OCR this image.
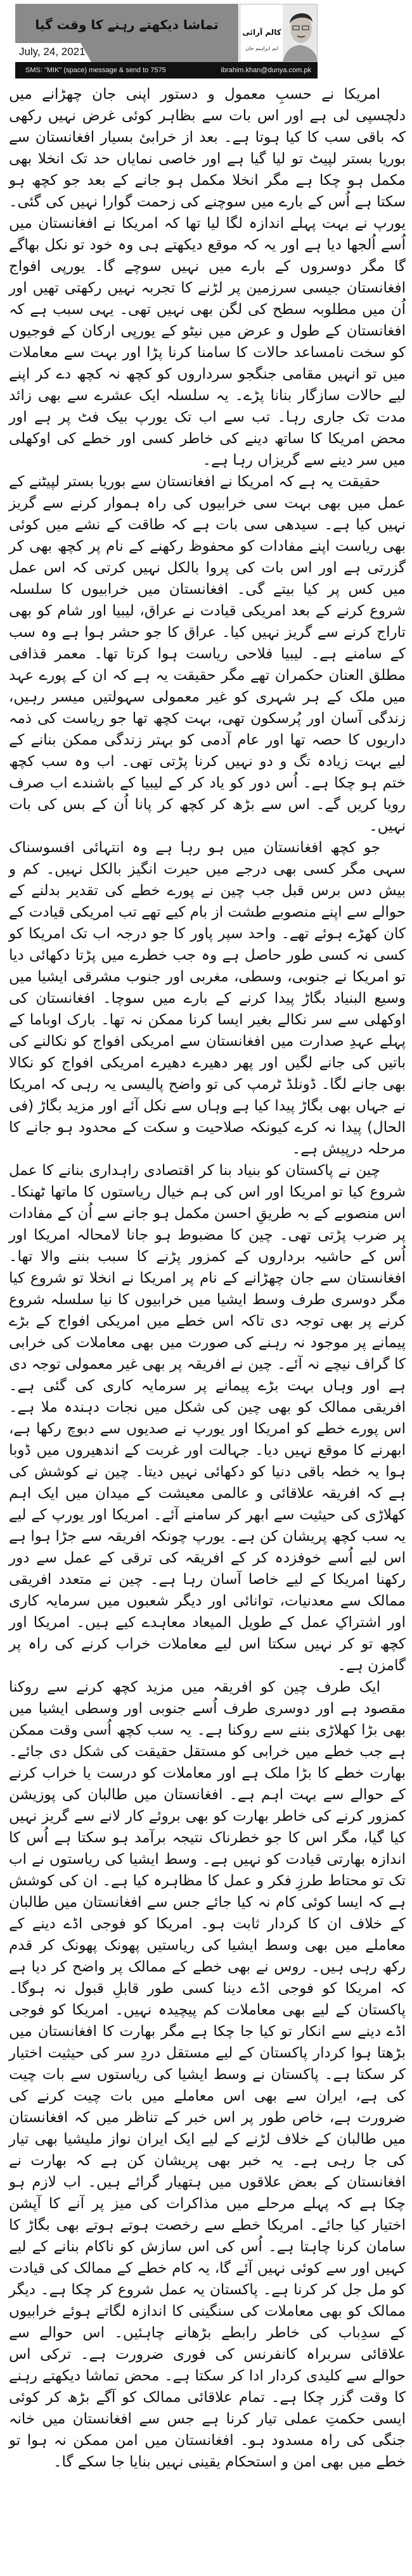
تماشا دیکھتے رہنے کا وقت گیا
July, 24, 2021
کالم آرائی
ایم ابراہیم خان
SMS: "MIK" (space) message & send to 7575	ibrahim.khan@dunya.com.pk

امریکا نے حسبِ معمول و دستور اپنی جان چھڑانے میں دلچسپی لی ہے اور اس بات سے بظاہر کوئی غرض نہیں رکھی کہ باقی سب کا کیا ہوتا ہے۔ بعد از خرابیٔ بسیار افغانستان سے بوریا بستر لپیٹ تو لیا گیا ہے اور خاصی نمایاں حد تک انخلا بھی مکمل ہو چکا ہے مگر انخلا مکمل ہو جانے کے بعد جو کچھ ہو سکتا ہے اُس کے بارے میں سوچنے کی زحمت گوارا نہیں کی گئی۔ یورپ نے بہت پہلے اندازہ لگا لیا تھا کہ امریکا نے افغانستان میں اُسے اُلجھا دیا ہے اور یہ کہ موقع دیکھتے ہی وہ خود تو نکل بھاگے گا مگر دوسروں کے بارے میں نہیں سوچے گا۔ یورپی افواج افغانستان جیسی سرزمین پر لڑنے کا تجربہ نہیں رکھتی تھیں اور اُن میں مطلوبہ سطح کی لگن بھی نہیں تھی۔ یہی سبب ہے کہ افغانستان کے طول و عرض میں نیٹو کے یورپی ارکان کے فوجیوں کو سخت نامساعد حالات کا سامنا کرنا پڑا اور بہت سے معاملات میں تو انہیں مقامی جنگجو سرداروں کو کچھ نہ کچھ دے کر اپنے لیے حالات سازگار بنانا پڑے۔ یہ سلسلہ ایک عشرے سے بھی زائد مدت تک جاری رہا۔ تب سے اب تک یورپ بیک فٹ پر ہے اور محض امریکا کا ساتھ دینے کی خاطر کسی اور خطے کی اوکھلی میں سر دینے سے گریزاں رہا ہے۔

حقیقت یہ ہے کہ امریکا نے افغانستان سے بوریا بستر لپیٹنے کے عمل میں بھی بہت سی خرابیوں کی راہ ہموار کرنے سے گریز نہیں کیا ہے۔ سیدھی سی بات ہے کہ طاقت کے نشے میں کوئی بھی ریاست اپنے مفادات کو محفوظ رکھنے کے نام پر کچھ بھی کر گزرتی ہے اور اس بات کی پروا بالکل نہیں کرتی کہ اس عمل میں کس پر کیا بیتے گی۔ افغانستان میں خرابیوں کا سلسلہ شروع کرنے کے بعد امریکی قیادت نے عراق، لیبیا اور شام کو بھی تاراج کرنے سے گریز نہیں کیا۔ عراق کا جو حشر ہوا ہے وہ سب کے سامنے ہے۔ لیبیا فلاحی ریاست ہوا کرتا تھا۔ معمر قذافی مطلق العنان حکمران تھے مگر حقیقت یہ ہے کہ ان کے پورے عہد میں ملک کے ہر شہری کو غیر معمولی سہولتیں میسر رہیں، زندگی آسان اور پُرسکون تھی، بہت کچھ تھا جو ریاست کی ذمہ داریوں کا حصہ تھا اور عام آدمی کو بہتر زندگی ممکن بنانے کے لیے بہت زیادہ تگ و دو نہیں کرنا پڑتی تھی۔ اب وہ سب کچھ ختم ہو چکا ہے۔ اُس دور کو یاد کر کے لیبیا کے باشندے اب صرف رویا کریں گے۔ اس سے بڑھ کر کچھ کر پانا اُن کے بس کی بات نہیں۔

جو کچھ افغانستان میں ہو رہا ہے وہ انتہائی افسوسناک سہی مگر کسی بھی درجے میں حیرت انگیز بالکل نہیں۔ کم و بیش دس برس قبل جب چین نے پورے خطے کی تقدیر بدلنے کے حوالے سے اپنے منصوبے طشت از بام کیے تھے تب امریکی قیادت کے کان کھڑے ہوئے تھے۔ واحد سپر پاور کا جو درجہ اب تک امریکا کو کسی نہ کسی طور حاصل ہے وہ جب خطرے میں پڑتا دکھائی دیا تو امریکا نے جنوبی، وسطی، مغربی اور جنوب مشرقی ایشیا میں وسیع البنیاد بگاڑ پیدا کرنے کے بارے میں سوچا۔ افغانستان کی اوکھلی سے سر نکالے بغیر ایسا کرنا ممکن نہ تھا۔ بارک اوباما کے پہلے عہدِ صدارت میں افغانستان سے امریکی افواج کو نکالنے کی باتیں کی جانے لگیں اور پھر دھیرے دھیرے امریکی افواج کو نکالا بھی جانے لگا۔ ڈونلڈ ٹرمپ کی تو واضح پالیسی یہ رہی کہ امریکا نے جہاں بھی بگاڑ پیدا کیا ہے وہاں سے نکل آئے اور مزید بگاڑ (فی الحال) پیدا نہ کرے کیونکہ صلاحیت و سکت کے محدود ہو جانے کا مرحلہ درپیش ہے۔

چین نے پاکستان کو بنیاد بنا کر اقتصادی راہداری بنانے کا عمل شروع کیا تو امریکا اور اس کی ہم خیال ریاستوں کا ماتھا ٹھنکا۔ اس منصوبے کے بہ طریقِ احسن مکمل ہو جانے سے اُن کے مفادات پر ضرب پڑتی تھی۔ چین کا مضبوط ہو جانا لامحالہ امریکا اور اُس کے حاشیہ برداروں کے کمزور پڑنے کا سبب بننے والا تھا۔ افغانستان سے جان چھڑانے کے نام پر امریکا نے انخلا تو شروع کیا مگر دوسری طرف وسط ایشیا میں خرابیوں کا نیا سلسلہ شروع کرنے پر بھی توجہ دی تاکہ اس خطے میں امریکی افواج کے بڑے پیمانے پر موجود نہ رہنے کی صورت میں بھی معاملات کی خرابی کا گراف نیچے نہ آئے۔ چین نے افریقہ پر بھی غیر معمولی توجہ دی ہے اور وہاں بہت بڑے پیمانے پر سرمایہ کاری کی گئی ہے۔ افریقی ممالک کو بھی چین کی شکل میں نجات دہندہ ملا ہے۔ اس پورے خطے کو امریکا اور یورپ نے صدیوں سے دبوچ رکھا ہے، ابھرنے کا موقع نہیں دیا۔ جہالت اور غربت کے اندھیروں میں ڈوبا ہوا یہ خطہ باقی دنیا کو دکھائی نہیں دیتا۔ چین نے کوشش کی ہے کہ افریقہ علاقائی و عالمی معیشت کے میدان میں ایک اہم کھلاڑی کی حیثیت سے ابھر کر سامنے آئے۔ امریکا اور یورپ کے لیے یہ سب کچھ پریشان کن ہے۔ یورپ چونکہ افریقہ سے جڑا ہوا ہے اس لیے اُسے خوفزدہ کر کے افریقہ کی ترقی کے عمل سے دور رکھنا امریکا کے لیے خاصا آسان رہا ہے۔ چین نے متعدد افریقی ممالک سے معدنیات، توانائی اور دیگر شعبوں میں سرمایہ کاری اور اشتراکِ عمل کے طویل المیعاد معاہدے کیے ہیں۔ امریکا اور کچھ تو کر نہیں سکتا اس لیے معاملات خراب کرنے کی راہ پر گامزن ہے۔

ایک طرف چین کو افریقہ میں مزید کچھ کرنے سے روکنا مقصود ہے اور دوسری طرف اُسے جنوبی اور وسطی ایشیا میں بھی بڑا کھلاڑی بننے سے روکنا ہے۔ یہ سب کچھ اُسی وقت ممکن ہے جب خطے میں خرابی کو مستقل حقیقت کی شکل دی جائے۔ بھارت خطے کا بڑا ملک ہے اور معاملات کو درست یا خراب کرنے کے حوالے سے بہت اہم ہے۔ افغانستان میں طالبان کی پوزیشن کمزور کرنے کی خاطر بھارت کو بھی بروئے کار لانے سے گریز نہیں کیا گیا، مگر اس کا جو خطرناک نتیجہ برآمد ہو سکتا ہے اُس کا اندازہ بھارتی قیادت کو نہیں ہے۔ وسط ایشیا کی ریاستوں نے اب تک تو محتاط طرزِ فکر و عمل کا مظاہرہ کیا ہے۔ ان کی کوشش ہے کہ ایسا کوئی کام نہ کیا جائے جس سے افغانستان میں طالبان کے خلاف ان کا کردار ثابت ہو۔ امریکا کو فوجی اڈے دینے کے معاملے میں بھی وسط ایشیا کی ریاستیں پھونک پھونک کر قدم رکھ رہی ہیں۔ روس نے بھی خطے کے ممالک پر واضح کر دیا ہے کہ امریکا کو فوجی اڈے دینا کسی طور قابلِ قبول نہ ہوگا۔ پاکستان کے لیے بھی معاملات کم پیچیدہ نہیں۔ امریکا کو فوجی اڈے دینے سے انکار تو کیا جا چکا ہے مگر بھارت کا افغانستان میں بڑھتا ہوا کردار پاکستان کے لیے مستقل دردِ سر کی حیثیت اختیار کر سکتا ہے۔ پاکستان نے وسط ایشیا کی ریاستوں سے بات چیت کی ہے، ایران سے بھی اس معاملے میں بات چیت کرنے کی ضرورت ہے، خاص طور پر اس خبر کے تناظر میں کہ افغانستان میں طالبان کے خلاف لڑنے کے لیے ایک ایران نواز ملیشیا بھی تیار کی جا رہی ہے۔ یہ خبر بھی پریشان کن ہے کہ بھارت نے افغانستان کے بعض علاقوں میں ہتھیار گرائے ہیں۔ اب لازم ہو چکا ہے کہ پہلے مرحلے میں مذاکرات کی میز پر آنے کا آپشن اختیار کیا جائے۔ امریکا خطے سے رخصت ہوتے ہوتے بھی بگاڑ کا سامان کرنا چاہتا ہے۔ اُس کی اس سازش کو ناکام بنانے کے لیے کہیں اور سے کوئی نہیں آئے گا، یہ کام خطے کے ممالک کی قیادت کو مل جل کر کرنا ہے۔ پاکستان یہ عمل شروع کر چکا ہے۔ دیگر ممالک کو بھی معاملات کی سنگینی کا اندازہ لگاتے ہوئے خرابیوں کے سدِباب کی خاطر رابطے بڑھانے چاہئیں۔ اس حوالے سے علاقائی سربراہ کانفرنس کی فوری ضرورت ہے۔ ترکی اس حوالے سے کلیدی کردار ادا کر سکتا ہے۔ محض تماشا دیکھتے رہنے کا وقت گزر چکا ہے۔ تمام علاقائی ممالک کو آگے بڑھ کر کوئی ایسی حکمتِ عملی تیار کرنا ہے جس سے افغانستان میں خانہ جنگی کی راہ مسدود ہو۔ افغانستان میں امن ممکن نہ ہوا تو خطے میں بھی امن و استحکام یقینی نہیں بنایا جا سکے گا۔
